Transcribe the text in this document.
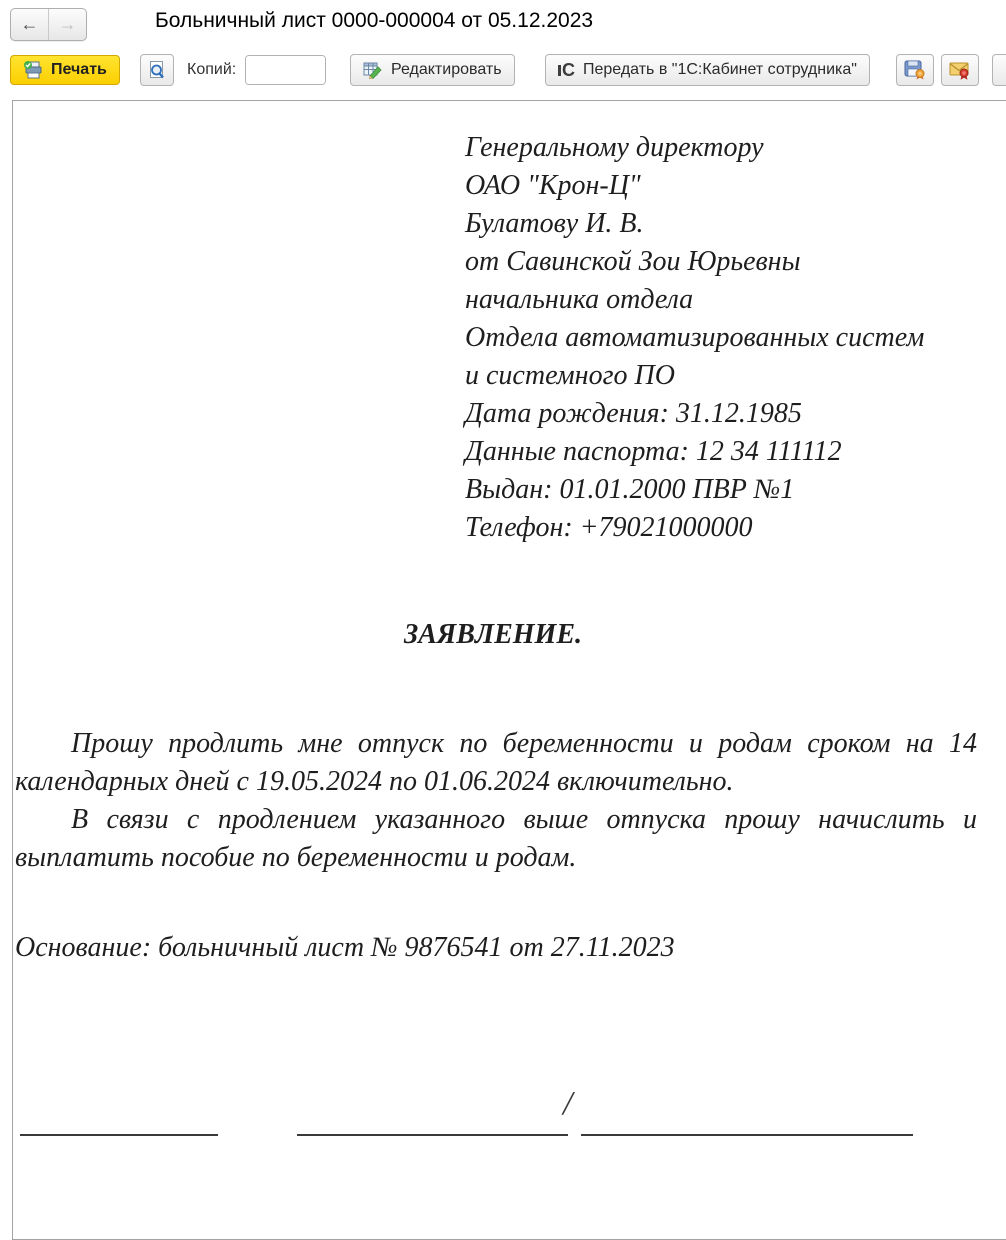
←	→	Больничный лист 0000-000004 от 05.12.2023
Печать	Копий:
1	Редактировать	C Передать в "1С:Кабинет сотрудника"
Генеральному директору
ОАО "Крон-Ц"
Булатову И. В.
от Савинской Зои Юрьевны
начальника отдела
Отдела автоматизированных систем
и системного ПО
Дата рождения: 31.12.1985
Данные паспорта: 12 34 111112
Выдан: 01.01.2000 ПВР №1
Телефон: +79021000000
ЗАЯВЛЕНИЕ.

Прошу продлить мне отпуск по беременности и родам сроком на 14 календарных дней с 19.05.2024 по 01.06.2024 включительно.

В связи с продлением указанного выше отпуска прошу начислить и выплатить пособие по беременности и родам.

Основание: больничный лист № 9876541 от 27.11.2023
/
